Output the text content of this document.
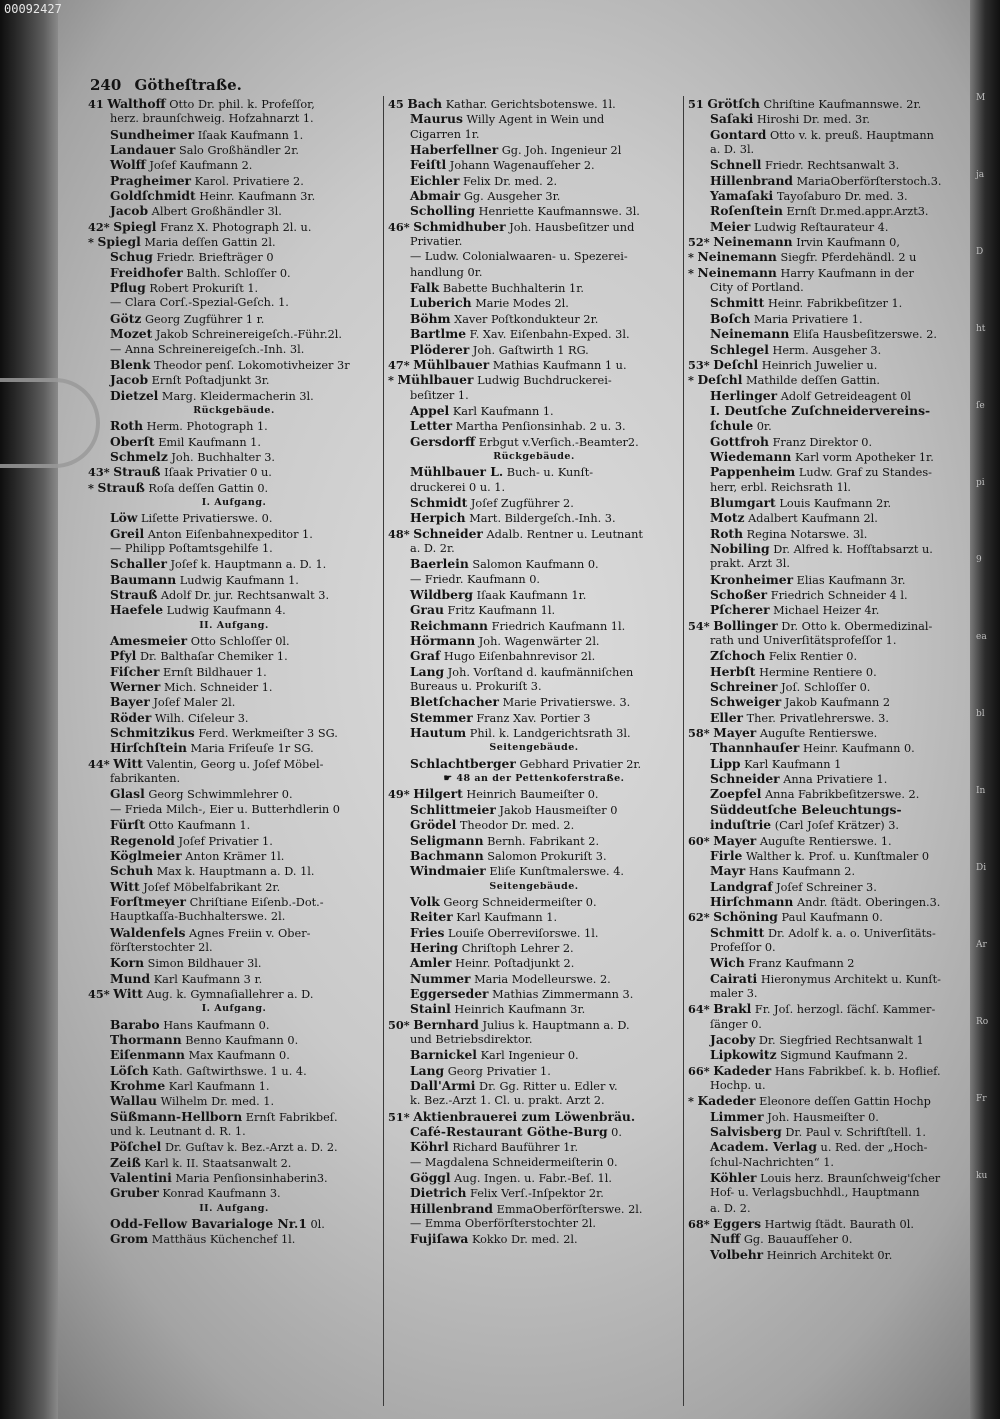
00092427
240 Götheſtraße.
41 Walthoff Otto Dr. phil. k. Profeſſor,
herz. braunſchweig. Hofzahnarzt 1.
Sundheimer Iſaak Kaufmann 1.
Landauer Salo Großhändler 2r.
Wolff Joſef Kaufmann 2.
Pragheimer Karol. Privatiere 2.
Goldſchmidt Heinr. Kaufmann 3r.
Jacob Albert Großhändler 3l.
42* Spiegl Franz X. Photograph 2l. u.
* Spiegl Maria deſſen Gattin 2l.
Schug Friedr. Briefträger 0
Freidhofer Balth. Schloſſer 0.
Pflug Robert Prokuriſt 1.
— Clara Corſ.-Spezial-Geſch. 1.
Götz Georg Zugführer 1 r.
Mozet Jakob Schreinereigeſch.-Führ.2l.
— Anna Schreinereigeſch.-Inh. 3l.
Blenk Theodor penſ. Lokomotivheizer 3r
Jacob Ernſt Poſtadjunkt 3r.
Dietzel Marg. Kleidermacherin 3l.
Rückgebäude.
Roth Herm. Photograph 1.
Oberſt Emil Kaufmann 1.
Schmelz Joh. Buchhalter 3.
43* Strauß Iſaak Privatier 0 u.
* Strauß Roſa deſſen Gattin 0.
I. Aufgang.
Löw Liſette Privatierswe. 0.
Greil Anton Eiſenbahnexpeditor 1.
— Philipp Poſtamtsgehilfe 1.
Schaller Joſef k. Hauptmann a. D. 1.
Baumann Ludwig Kaufmann 1.
Strauß Adolf Dr. jur. Rechtsanwalt 3.
Haefele Ludwig Kaufmann 4.
II. Aufgang.
Amesmeier Otto Schloſſer 0l.
Pfyl Dr. Balthaſar Chemiker 1.
Fiſcher Ernſt Bildhauer 1.
Werner Mich. Schneider 1.
Bayer Joſef Maler 2l.
Röder Wilh. Ciſeleur 3.
Schmitzikus Ferd. Werkmeiſter 3 SG.
Hirſchſtein Maria Friſeuſe 1r SG.
44* Witt Valentin, Georg u. Joſef Möbel-
fabrikanten.
Glasl Georg Schwimmlehrer 0.
— Frieda Milch-, Eier u. Butterhdlerin 0
Fürſt Otto Kaufmann 1.
Regenold Joſef Privatier 1.
Köglmeier Anton Krämer 1l.
Schuh Max k. Hauptmann a. D. 1l.
Witt Joſef Möbelfabrikant 2r.
Forſtmeyer Chriſtiane Eiſenb.-Dot.-
Hauptkaſſa-Buchhalterswe. 2l.
Waldenfels Agnes Freiin v. Ober-
förſterstochter 2l.
Korn Simon Bildhauer 3l.
Mund Karl Kaufmann 3 r.
45* Witt Aug. k. Gymnaſiallehrer a. D.
I. Aufgang.
Barabo Hans Kaufmann 0.
Thormann Benno Kaufmann 0.
Eiſenmann Max Kaufmann 0.
Löſch Kath. Gaſtwirthswe. 1 u. 4.
Krohme Karl Kaufmann 1.
Wallau Wilhelm Dr. med. 1.
Süßmann-Hellborn Ernſt Fabrikbeſ.
und k. Leutnant d. R. 1.
Pöſchel Dr. Guſtav k. Bez.-Arzt a. D. 2.
Zeiß Karl k. II. Staatsanwalt 2.
Valentini Maria Penſionsinhaberin3.
Gruber Konrad Kaufmann 3.
II. Aufgang.
Odd-Fellow Bavarialoge Nr.1 0l.
Grom Matthäus Küchenchef 1l.
45 Bach Kathar. Gerichtsbotenswe. 1l.
Maurus Willy Agent in Wein und
Cigarren 1r.
Haberfellner Gg. Joh. Ingenieur 2l
Feiſtl Johann Wagenaufſeher 2.
Eichler Felix Dr. med. 2.
Abmair Gg. Ausgeher 3r.
Scholling Henriette Kaufmannswe. 3l.
46* Schmidhuber Joh. Hausbeſitzer und
Privatier.
— Ludw. Colonialwaaren- u. Spezerei-
handlung 0r.
Falk Babette Buchhalterin 1r.
Luberich Marie Modes 2l.
Böhm Xaver Poſtkondukteur 2r.
Bartlme F. Xav. Eiſenbahn-Exped. 3l.
Plöderer Joh. Gaſtwirth 1 RG.
47* Mühlbauer Mathias Kaufmann 1 u.
* Mühlbauer Ludwig Buchdruckerei-
beſitzer 1.
Appel Karl Kaufmann 1.
Letter Martha Penſionsinhab. 2 u. 3.
Gersdorff Erbgut v.Verſich.-Beamter2.
Rückgebäude.
Mühlbauer L. Buch- u. Kunſt-
druckerei 0 u. 1.
Schmidt Joſef Zugführer 2.
Herpich Mart. Bildergeſch.-Inh. 3.
48* Schneider Adalb. Rentner u. Leutnant
a. D. 2r.
Baerlein Salomon Kaufmann 0.
— Friedr. Kaufmann 0.
Wildberg Iſaak Kaufmann 1r.
Grau Fritz Kaufmann 1l.
Reichmann Friedrich Kaufmann 1l.
Hörmann Joh. Wagenwärter 2l.
Graf Hugo Eiſenbahnrevisor 2l.
Lang Joh. Vorſtand d. kaufmänniſchen
Bureaus u. Prokuriſt 3.
Bletſchacher Marie Privatierswe. 3.
Stemmer Franz Xav. Portier 3
Hautum Phil. k. Landgerichtsrath 3l.
Seitengebäude.
Schlachtberger Gebhard Privatier 2r.
☛ 48 an der Pettenkoferstraße.
49* Hilgert Heinrich Baumeiſter 0.
Schlittmeier Jakob Hausmeiſter 0
Grödel Theodor Dr. med. 2.
Seligmann Bernh. Fabrikant 2.
Bachmann Salomon Prokuriſt 3.
Windmaier Eliſe Kunſtmalerswe. 4.
Seitengebäude.
Volk Georg Schneidermeiſter 0.
Reiter Karl Kaufmann 1.
Fries Louiſe Oberreviſorswe. 1l.
Hering Chriſtoph Lehrer 2.
Amler Heinr. Poſtadjunkt 2.
Nummer Maria Modelleurswe. 2.
Eggerseder Mathias Zimmermann 3.
Stainl Heinrich Kaufmann 3r.
50* Bernhard Julius k. Hauptmann a. D.
und Betriebsdirektor.
Barnickel Karl Ingenieur 0.
Lang Georg Privatier 1.
Dall'Armi Dr. Gg. Ritter u. Edler v.
k. Bez.-Arzt 1. Cl. u. prakt. Arzt 2.
51* Aktienbrauerei zum Löwenbräu.
Café-Restaurant Göthe-Burg 0.
Köhrl Richard Bauführer 1r.
— Magdalena Schneidermeiſterin 0.
Göggl Aug. Ingen. u. Fabr.-Beſ. 1l.
Dietrich Felix Verſ.-Inſpektor 2r.
Hillenbrand EmmaOberförſterswe. 2l.
— Emma Oberförſterstochter 2l.
Fujiſawa Kokko Dr. med. 2l.
51 Grötſch Chriſtine Kaufmannswe. 2r.
Saſaki Hiroshi Dr. med. 3r.
Gontard Otto v. k. preuß. Hauptmann
a. D. 3l.
Schnell Friedr. Rechtsanwalt 3.
Hillenbrand MariaOberförſterstoch.3.
Yamaſaki Tayoſaburo Dr. med. 3.
Roſenſtein Ernſt Dr.med.appr.Arzt3.
Meier Ludwig Reſtaurateur 4.
52* Neinemann Irvin Kaufmann 0,
* Neinemann Siegfr. Pferdehändl. 2 u
* Neinemann Harry Kaufmann in der
City of Portland.
Schmitt Heinr. Fabrikbeſitzer 1.
Boſch Maria Privatiere 1.
Neinemann Eliſa Hausbeſitzerswe. 2.
Schlegel Herm. Ausgeher 3.
53* Deſchl Heinrich Juwelier u.
* Deſchl Mathilde deſſen Gattin.
Herlinger Adolf Getreideagent 0l
I. Deutſche Zuſchneidervereins-
ſchule 0r.
Gottfroh Franz Direktor 0.
Wiedemann Karl vorm Apotheker 1r.
Pappenheim Ludw. Graf zu Standes-
herr, erbl. Reichsrath 1l.
Blumgart Louis Kaufmann 2r.
Motz Adalbert Kaufmann 2l.
Roth Regina Notarswe. 3l.
Nobiling Dr. Alfred k. Hofſtabsarzt u.
prakt. Arzt 3l.
Kronheimer Elias Kaufmann 3r.
Schoßer Friedrich Schneider 4 l.
Pſcherer Michael Heizer 4r.
54* Bollinger Dr. Otto k. Obermedizinal-
rath und Univerſitätsprofeſſor 1.
Zſchoch Felix Rentier 0.
Herbſt Hermine Rentiere 0.
Schreiner Joſ. Schloſſer 0.
Schweiger Jakob Kaufmann 2
Eller Ther. Privatlehrerswe. 3.
58* Mayer Auguſte Rentierswe.
Thannhauſer Heinr. Kaufmann 0.
Lipp Karl Kaufmann 1
Schneider Anna Privatiere 1.
Zoepfel Anna Fabrikbeſitzerswe. 2.
Süddeutſche Beleuchtungs-
induſtrie (Carl Joſef Krätzer) 3.
60* Mayer Auguſte Rentierswe. 1.
Firle Walther k. Prof. u. Kunſtmaler 0
Mayr Hans Kaufmann 2.
Landgraf Joſef Schreiner 3.
Hirſchmann Andr. ſtädt. Oberingen.3.
62* Schöning Paul Kaufmann 0.
Schmitt Dr. Adolf k. a. o. Univerſitäts-
Profeſſor 0.
Wich Franz Kaufmann 2
Cairati Hieronymus Architekt u. Kunſt-
maler 3.
64* Brakl Fr. Joſ. herzogl. ſächſ. Kammer-
ſänger 0.
Jacoby Dr. Siegfried Rechtsanwalt 1
Lipkowitz Sigmund Kaufmann 2.
66* Kadeder Hans Fabrikbeſ. k. b. Hoflief.
Hochp. u.
* Kadeder Eleonore deſſen Gattin Hochp
Limmer Joh. Hausmeiſter 0.
Salvisberg Dr. Paul v. Schriftſtell. 1.
Academ. Verlag u. Red. der „Hoch-
ſchul-Nachrichten“ 1.
Köhler Louis herz. Braunſchweig'ſcher
Hof- u. Verlagsbuchhdl., Hauptmann
a. D. 2.
68* Eggers Hartwig ſtädt. Baurath 0l.
Nuff Gg. Bauaufſeher 0.
Volbehr Heinrich Architekt 0r.
M
ja
D
ht
ſe
pi
9
ea
bl
In
Di
Ar
Ro
Fr
ku
